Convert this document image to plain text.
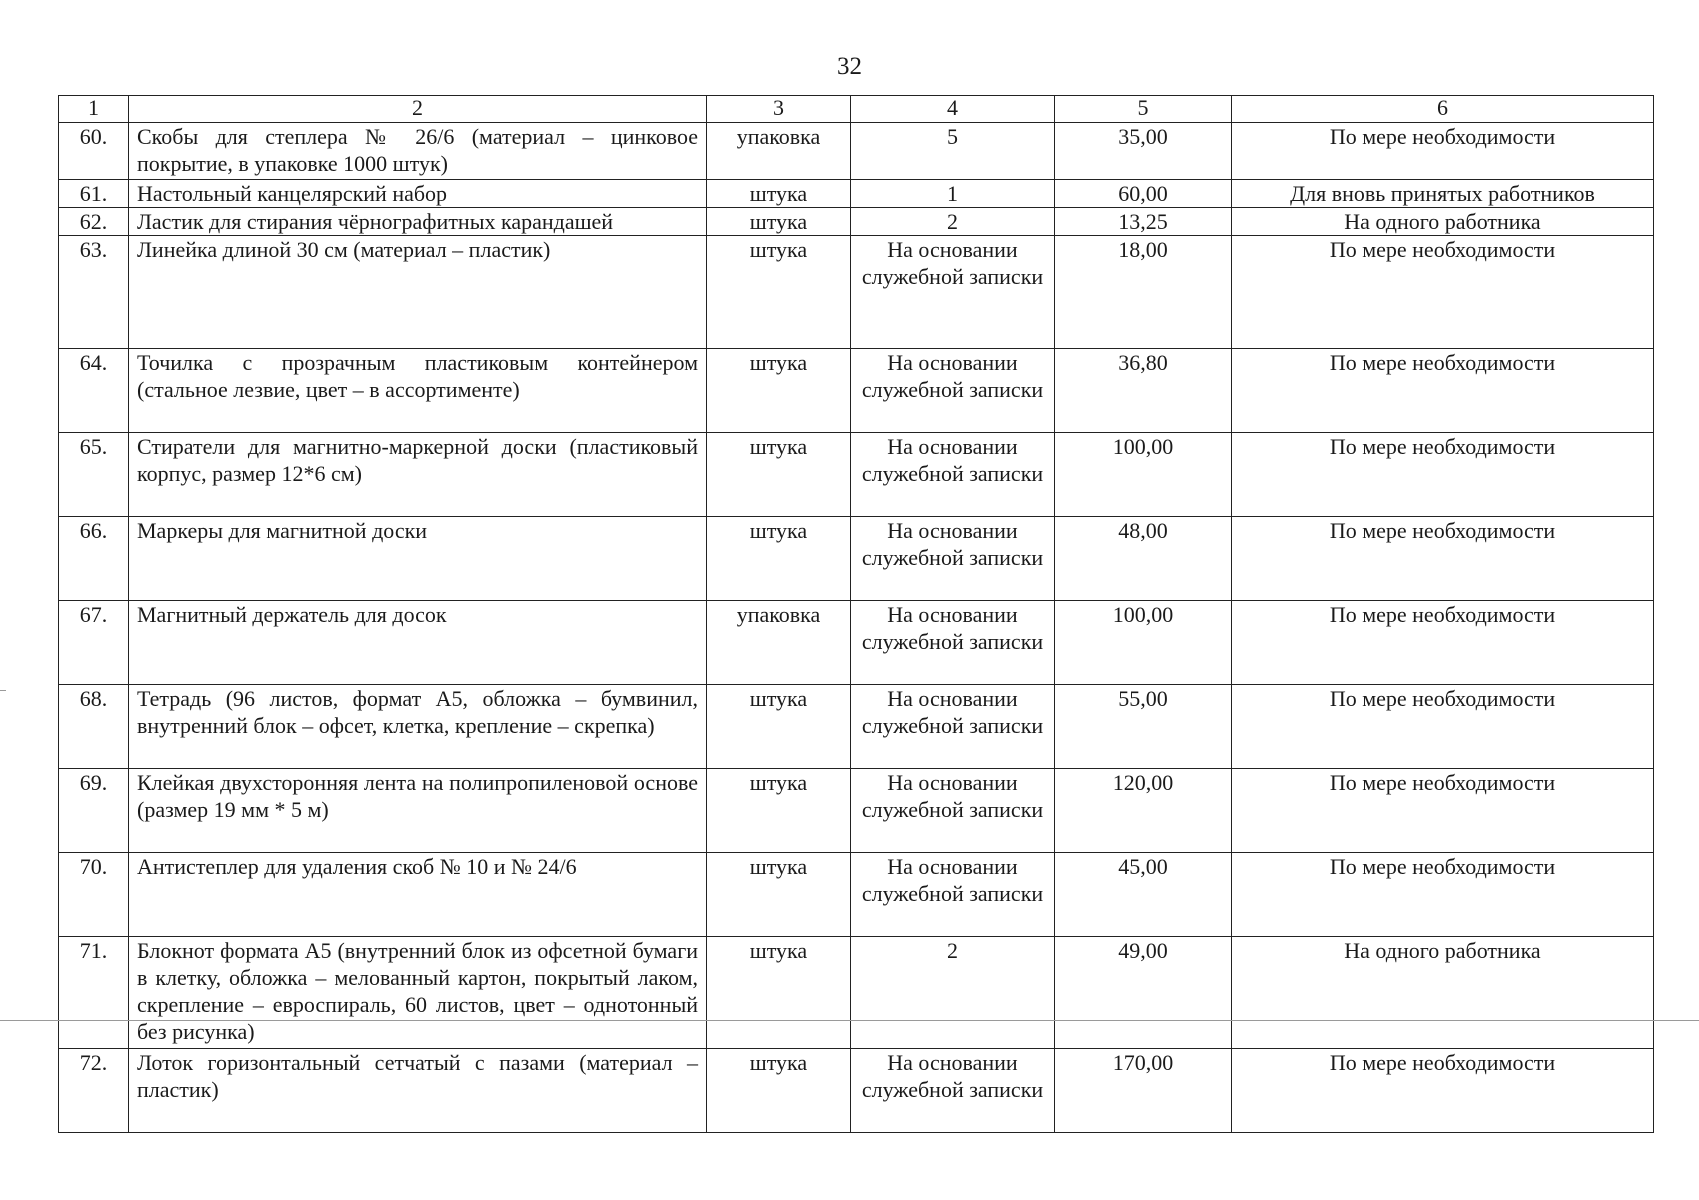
32
1	2	3	4	5	6
60.	Скобы для степлера № 26/6 (материал – цинковое покрытие, в упаковке 1000 штук)	упаковка	5	35,00	По мере необходимости
61.	Настольный канцелярский набор	штука	1	60,00	Для вновь принятых работников
62.	Ластик для стирания чёрнографитных карандашей	штука	2	13,25	На одного работника
63.	Линейка длиной 30 см (материал – пластик)	штука	На основании служебной записки	18,00	По мере необходимости
64.	Точилка с прозрачным пластиковым контейнером (стальное лезвие, цвет – в ассортименте)	штука	На основании служебной записки	36,80	По мере необходимости
65.	Стиратели для магнитно-маркерной доски (пластиковый корпус, размер 12*6 см)	штука	На основании служебной записки	100,00	По мере необходимости
66.	Маркеры для магнитной доски	штука	На основании служебной записки	48,00	По мере необходимости
67.	Магнитный держатель для досок	упаковка	На основании служебной записки	100,00	По мере необходимости
68.	Тетрадь (96 листов, формат А5, обложка – бумвинил, внутренний блок – офсет, клетка, крепление – скрепка)	штука	На основании служебной записки	55,00	По мере необходимости
69.	Клейкая двухсторонняя лента на полипропиленовой основе (размер 19 мм * 5 м)	штука	На основании служебной записки	120,00	По мере необходимости
70.	Антистеплер для удаления скоб № 10 и № 24/6	штука	На основании служебной записки	45,00	По мере необходимости
71.	Блокнот формата А5 (внутренний блок из офсетной бумаги в клетку, обложка – мелованный картон, покрытый лаком, скрепление – евроспираль, 60 листов, цвет – однотонный без рисунка)	штука	2	49,00	На одного работника
72.	Лоток горизонтальный сетчатый с пазами (материал – пластик)	штука	На основании служебной записки	170,00	По мере необходимости
